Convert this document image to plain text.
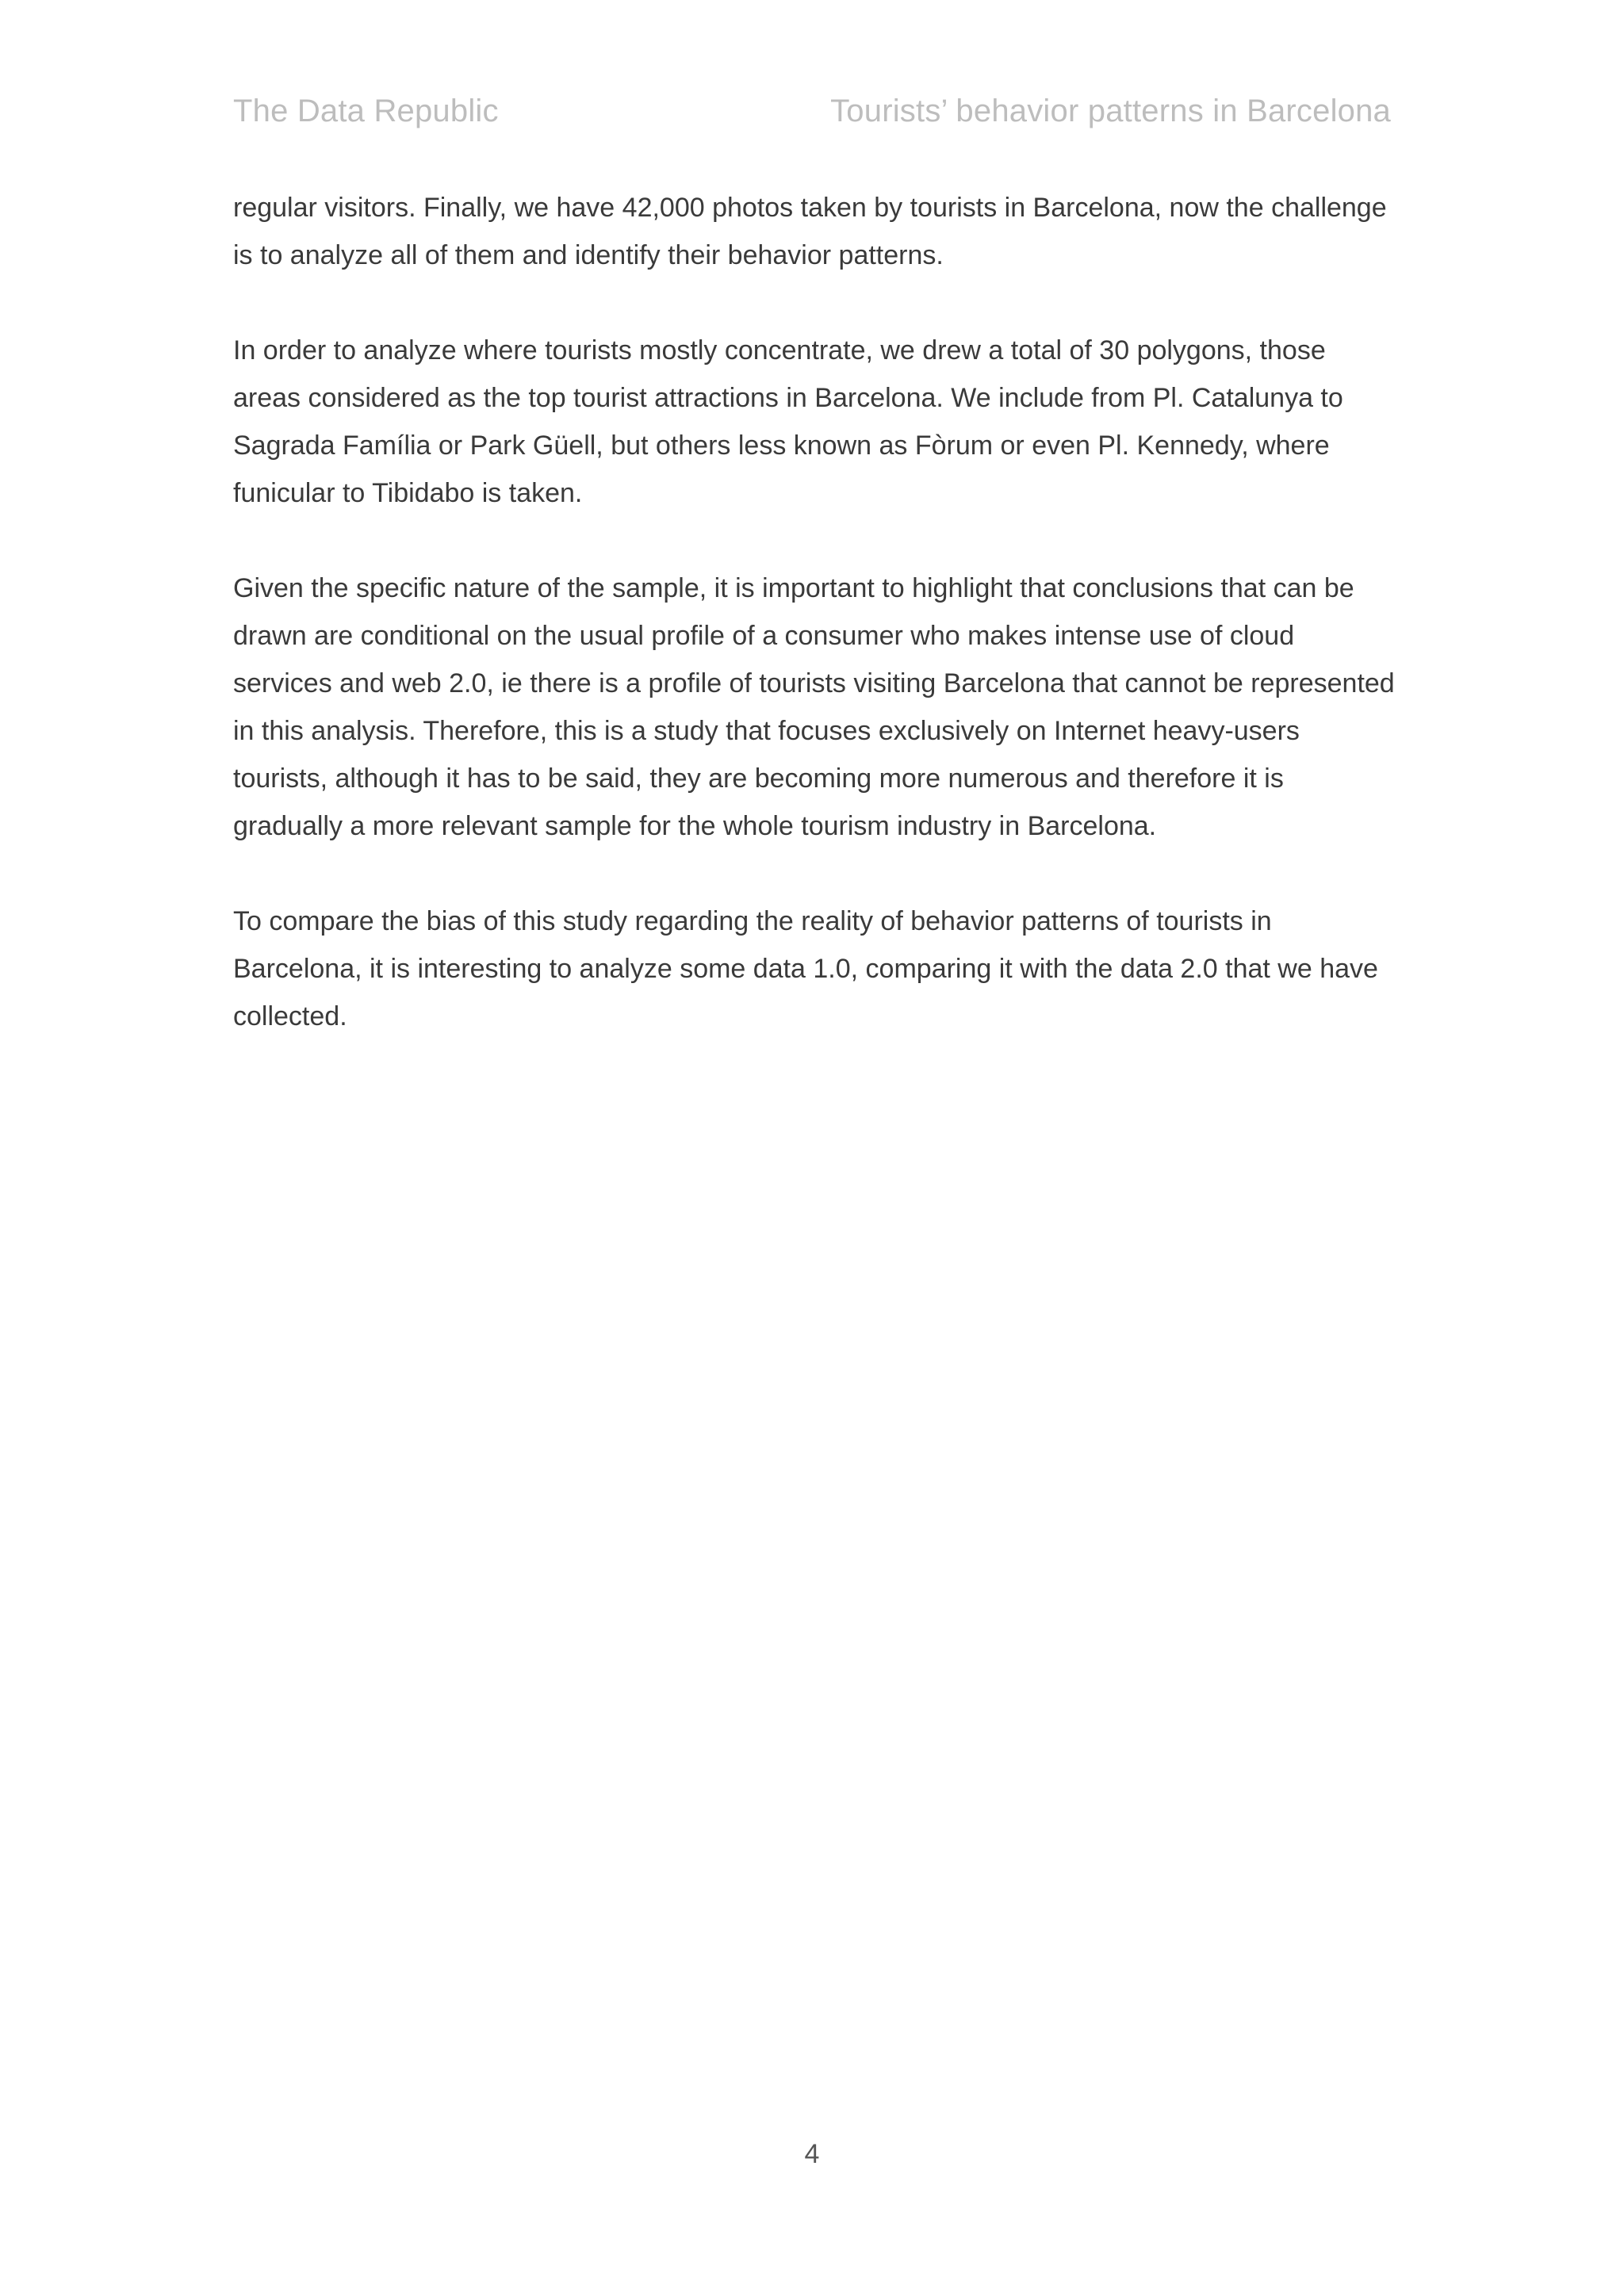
The Data Republic	Tourists’ behavior patterns in Barcelona

regular visitors. Finally, we have 42,000 photos taken by tourists in Barcelona, now the challenge is to analyze all of them and identify their behavior patterns.

In order to analyze where tourists mostly concentrate, we drew a total of 30 polygons, those areas considered as the top tourist attractions in Barcelona. We include from Pl. Catalunya to Sagrada Família or Park Güell, but others less known as Fòrum or even Pl. Kennedy, where funicular to Tibidabo is taken.

Given the specific nature of the sample, it is important to highlight that conclusions that can be drawn are conditional on the usual profile of a consumer who makes intense use of cloud services and web 2.0, ie there is a profile of tourists visiting Barcelona that cannot be represented in this analysis. Therefore, this is a study that focuses exclusively on Internet heavy-users tourists, although it has to be said, they are becoming more numerous and therefore it is gradually a more relevant sample for the whole tourism industry in Barcelona.

To compare the bias of this study regarding the reality of behavior patterns of tourists in Barcelona, it is interesting to analyze some data 1.0, comparing it with the data 2.0 that we have collected.

4
